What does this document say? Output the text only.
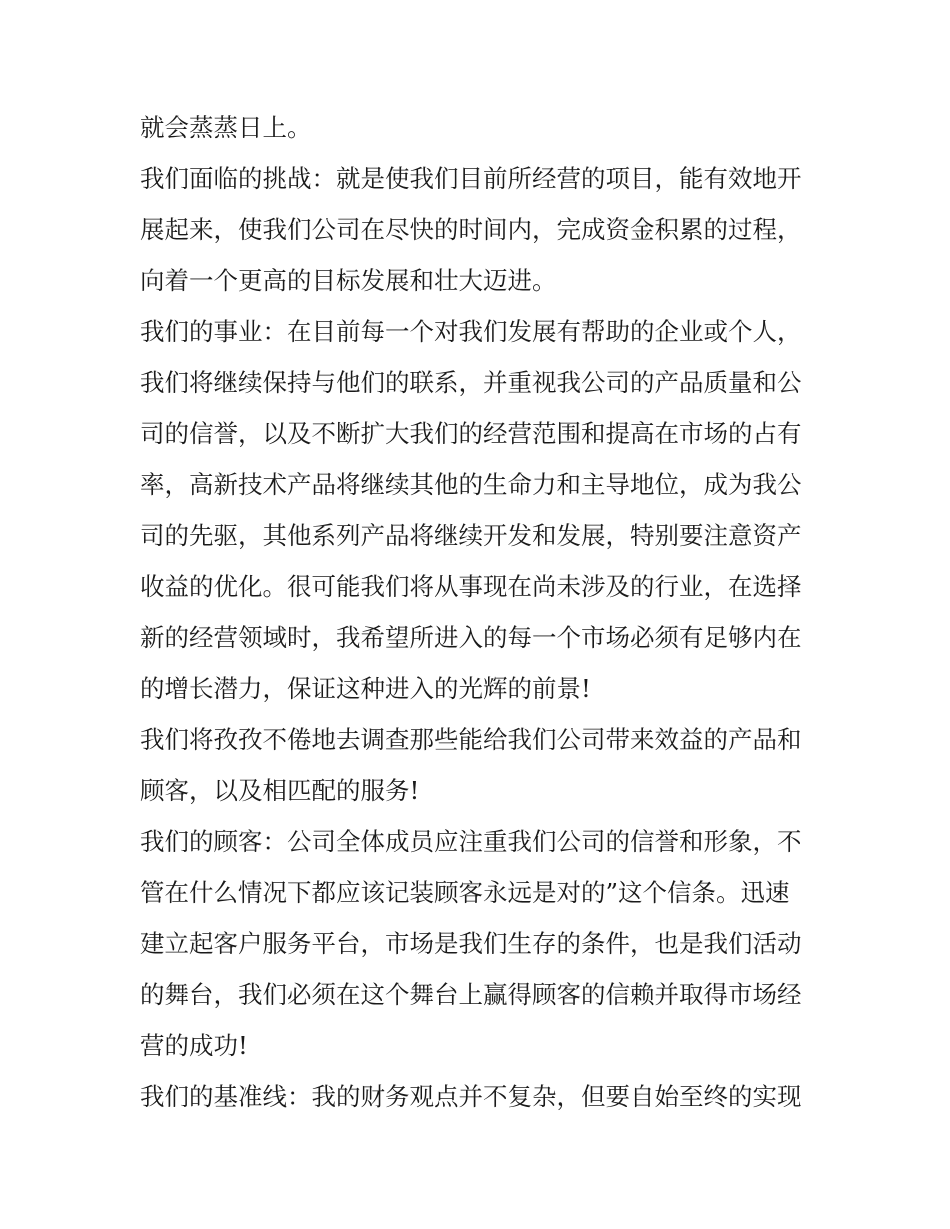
就会蒸蒸日上。
我们面临的挑战：就是使我们目前所经营的项目，能有效地开
展起来，使我们公司在尽快的时间内，完成资金积累的过程，
向着一个更高的目标发展和壮大迈进。
我们的事业：在目前每一个对我们发展有帮助的企业或个人，
我们将继续保持与他们的联系，并重视我公司的产品质量和公
司的信誉，以及不断扩大我们的经营范围和提高在市场的占有
率，高新技术产品将继续其他的生命力和主导地位，成为我公
司的先驱，其他系列产品将继续开发和发展，特别要注意资产
收益的优化。很可能我们将从事现在尚未涉及的行业，在选择
新的经营领域时，我希望所进入的每一个市场必须有足够内在
的增长潜力，保证这种进入的光辉的前景!
我们将孜孜不倦地去调查那些能给我们公司带来效益的产品和
顾客，以及相匹配的服务!
我们的顾客：公司全体成员应注重我们公司的信誉和形象，不
管在什么情况下都应该记装顾客永远是对的”这个信条。迅速
建立起客户服务平台，市场是我们生存的条件，也是我们活动
的舞台，我们必须在这个舞台上赢得顾客的信赖并取得市场经
营的成功!
我们的基准线：我的财务观点并不复杂，但要自始至终的实现
